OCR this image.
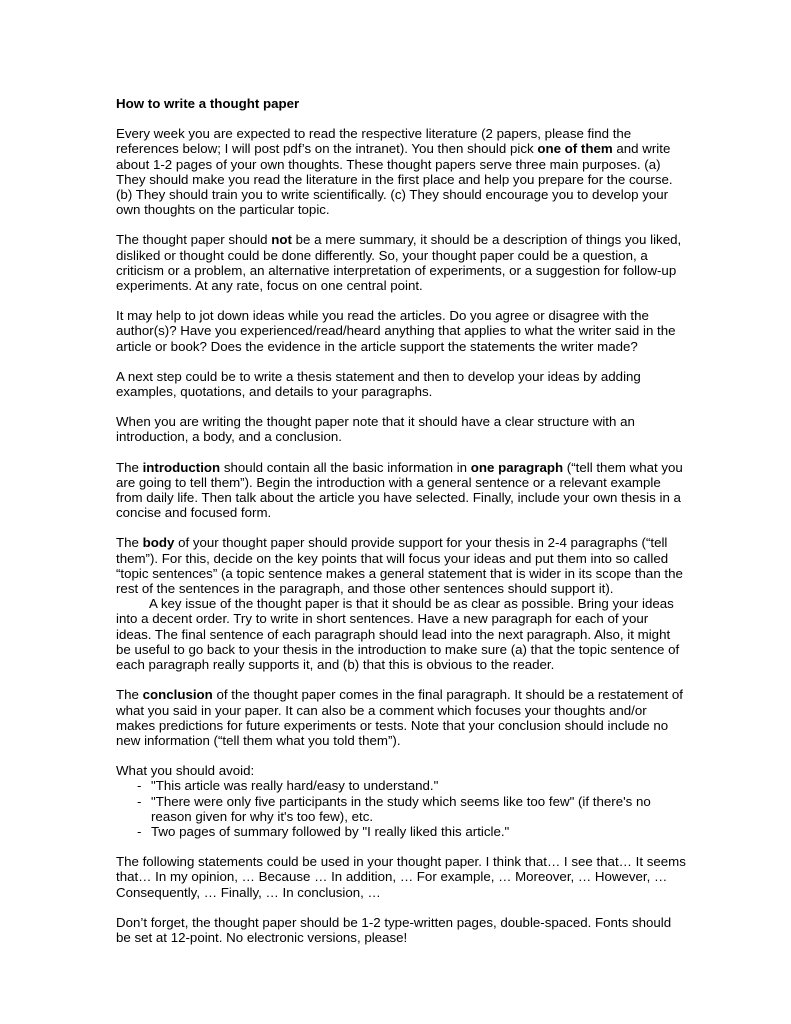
How to write a thought paper

Every week you are expected to read the respective literature (2 papers, please find the references below; I will post pdf’s on the intranet). You then should pick one of them and write about 1-2 pages of your own thoughts. These thought papers serve three main purposes. (a) They should make you read the literature in the first place and help you prepare for the course. (b) They should train you to write scientifically. (c) They should encourage you to develop your own thoughts on the particular topic.

The thought paper should not be a mere summary, it should be a description of things you liked, disliked or thought could be done differently. So, your thought paper could be a question, a criticism or a problem, an alternative interpretation of experiments, or a suggestion for follow-up experiments. At any rate, focus on one central point.

It may help to jot down ideas while you read the articles. Do you agree or disagree with the author(s)? Have you experienced/read/heard anything that applies to what the writer said in the article or book? Does the evidence in the article support the statements the writer made?

A next step could be to write a thesis statement and then to develop your ideas by adding examples, quotations, and details to your paragraphs.

When you are writing the thought paper note that it should have a clear structure with an introduction, a body, and a conclusion.

The introduction should contain all the basic information in one paragraph (“tell them what you are going to tell them”). Begin the introduction with a general sentence or a relevant example from daily life. Then talk about the article you have selected. Finally, include your own thesis in a concise and focused form.

The body of your thought paper should provide support for your thesis in 2-4 paragraphs (“tell them”). For this, decide on the key points that will focus your ideas and put them into so called “topic sentences” (a topic sentence makes a general statement that is wider in its scope than the rest of the sentences in the paragraph, and those other sentences should support it).

A key issue of the thought paper is that it should be as clear as possible. Bring your ideas into a decent order. Try to write in short sentences. Have a new paragraph for each of your ideas. The final sentence of each paragraph should lead into the next paragraph. Also, it might be useful to go back to your thesis in the introduction to make sure (a) that the topic sentence of each paragraph really supports it, and (b) that this is obvious to the reader.

The conclusion of the thought paper comes in the final paragraph. It should be a restatement of what you said in your paper. It can also be a comment which focuses your thoughts and/or makes predictions for future experiments or tests. Note that your conclusion should include no new information (“tell them what you told them”).

What you should avoid:

- "This article was really hard/easy to understand."
- "There were only five participants in the study which seems like too few" (if there's no reason given for why it's too few), etc.
- Two pages of summary followed by "I really liked this article."

The following statements could be used in your thought paper. I think that… I see that… It seems that… In my opinion, … Because … In addition, … For example, … Moreover, … However, … Consequently, … Finally, … In conclusion, …

Don’t forget, the thought paper should be 1-2 type-written pages, double-spaced. Fonts should be set at 12-point. No electronic versions, please!
